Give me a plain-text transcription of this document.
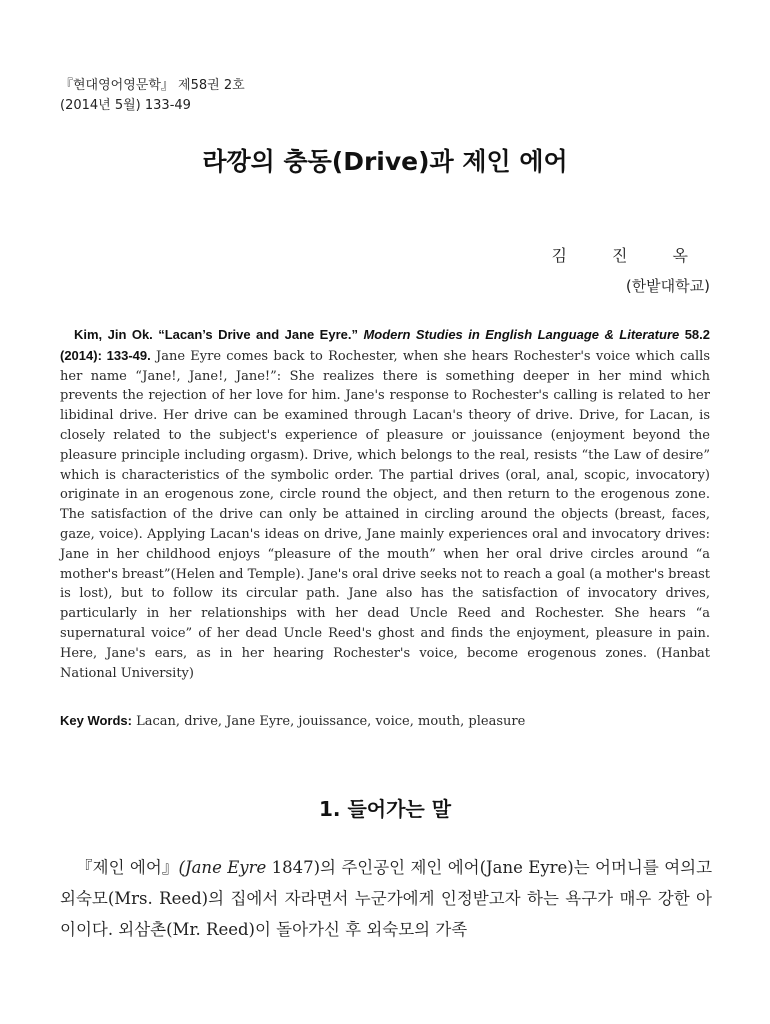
『현대영어영문학』 제58권 2호
(2014년 5월) 133-49
라깡의 충동(Drive)과 제인 에어
김 진 옥
(한밭대학교)
Kim, Jin Ok. “Lacan’s Drive and Jane Eyre.” Modern Studies in English Language & Literature 58.2 (2014): 133-49. Jane Eyre comes back to Rochester, when she hears Rochester's voice which calls her name “Jane!, Jane!, Jane!”: She realizes there is something deeper in her mind which prevents the rejection of her love for him. Jane's response to Rochester's calling is related to her libidinal drive. Her drive can be examined through Lacan's theory of drive. Drive, for Lacan, is closely related to the subject's experience of pleasure or jouissance (enjoyment beyond the pleasure principle including orgasm). Drive, which belongs to the real, resists “the Law of desire” which is characteristics of the symbolic order. The partial drives (oral, anal, scopic, invocatory) originate in an erogenous zone, circle round the object, and then return to the erogenous zone. The satisfaction of the drive can only be attained in circling around the objects (breast, faces, gaze, voice). Applying Lacan's ideas on drive, Jane mainly experiences oral and invocatory drives: Jane in her childhood enjoys “pleasure of the mouth” when her oral drive circles around “a mother's breast”(Helen and Temple). Jane's oral drive seeks not to reach a goal (a mother's breast is lost), but to follow its circular path. Jane also has the satisfaction of invocatory drives, particularly in her relationships with her dead Uncle Reed and Rochester. She hears “a supernatural voice” of her dead Uncle Reed's ghost and finds the enjoyment, pleasure in pain. Here, Jane's ears, as in her hearing Rochester's voice, become erogenous zones. (Hanbat National University)
Key Words: Lacan, drive, Jane Eyre, jouissance, voice, mouth, pleasure
1. 들어가는 말
『제인 에어』(Jane Eyre 1847)의 주인공인 제인 에어(Jane Eyre)는 어머니를 여의고 외숙모(Mrs. Reed)의 집에서 자라면서 누군가에게 인정받고자 하는 욕구가 매우 강한 아이이다. 외삼촌(Mr. Reed)이 돌아가신 후 외숙모의 가족
